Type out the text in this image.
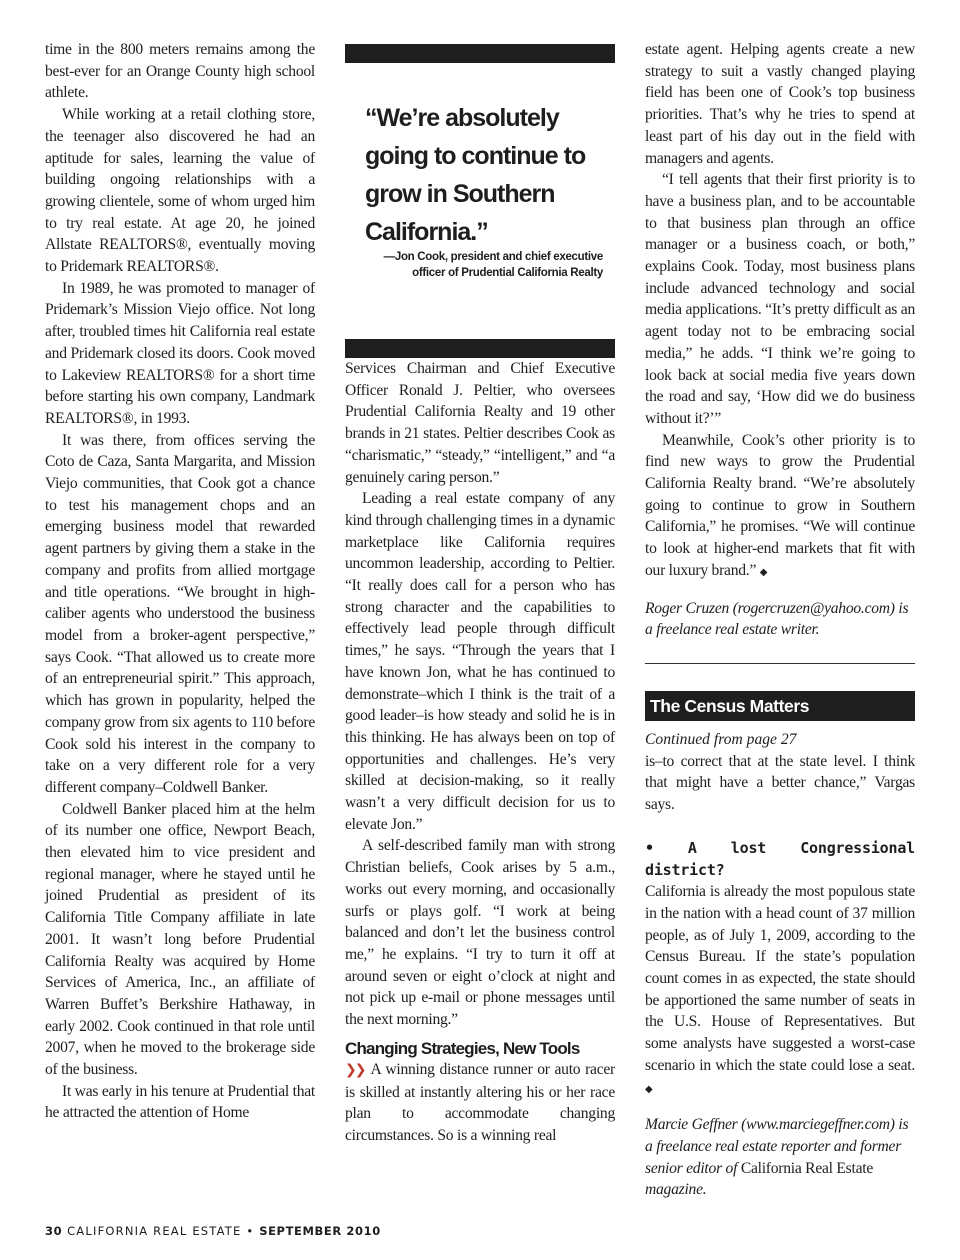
time in the 800 meters remains among the best-ever for an Orange County high school athlete.

While working at a retail clothing store, the teenager also discovered he had an aptitude for sales, learning the value of building ongoing relationships with a growing clientele, some of whom urged him to try real estate. At age 20, he joined Allstate REALTORS®, eventually moving to Pridemark REALTORS®.

In 1989, he was promoted to manager of Pridemark’s Mission Viejo office. Not long after, troubled times hit California real estate and Pridemark closed its doors. Cook moved to Lakeview REALTORS® for a short time before starting his own company, Landmark REALTORS®, in 1993.

It was there, from offices serving the Coto de Caza, Santa Margarita, and Mission Viejo communities, that Cook got a chance to test his management chops and an emerging business model that rewarded agent partners by giving them a stake in the company and profits from allied mortgage and title operations. “We brought in high-caliber agents who understood the business model from a broker-agent perspective,” says Cook. “That allowed us to create more of an entrepreneurial spirit.” This approach, which has grown in popularity, helped the company grow from six agents to 110 before Cook sold his interest in the company to take on a very different role for a very different company–Coldwell Banker.

Coldwell Banker placed him at the helm of its number one office, Newport Beach, then elevated him to vice president and regional manager, where he stayed until he joined Prudential as president of its California Title Company affiliate in late 2001. It wasn’t long before Prudential California Realty was acquired by Home Services of America, Inc., an affiliate of Warren Buffet’s Berkshire Hathaway, in early 2002. Cook continued in that role until 2007, when he moved to the brokerage side of the business.

It was early in his tenure at Prudential that he attracted the attention of Home

“We’re absolutely going to continue to grow in Southern California.”
—Jon Cook, president and chief executive
officer of Prudential California Realty

Services Chairman and Chief Executive Officer Ronald J. Peltier, who oversees Prudential California Realty and 19 other brands in 21 states. Peltier describes Cook as “charismatic,” “steady,” “intelligent,” and “a genuinely caring person.”

Leading a real estate company of any kind through challenging times in a dynamic marketplace like California requires uncommon leadership, according to Peltier. “It really does call for a person who has strong character and the capabilities to effectively lead people through difficult times,” he says. “Through the years that I have known Jon, what he has continued to demonstrate–which I think is the trait of a good leader–is how steady and solid he is in this thinking. He has always been on top of opportunities and challenges. He’s very skilled at decision-making, so it really wasn’t a very difficult decision for us to elevate Jon.”

A self-described family man with strong Christian beliefs, Cook arises by 5 a.m., works out every morning, and occasionally surfs or plays golf. “I work at being balanced and don’t let the business control me,” he explains. “I try to turn it off at around seven or eight o’clock at night and not pick up e-mail or phone messages until the next morning.”

Changing Strategies, New Tools

❯❯ A winning distance runner or auto racer is skilled at instantly altering his or her race plan to accommodate changing circumstances. So is a winning real

estate agent. Helping agents create a new strategy to suit a vastly changed playing field has been one of Cook’s top business priorities. That’s why he tries to spend at least part of his day out in the field with managers and agents.

“I tell agents that their first priority is to have a business plan, and to be accountable to that business plan through an office manager or a business coach, or both,” explains Cook. Today, most business plans include advanced technology and social media applications. “It’s pretty difficult as an agent today not to be embracing social media,” he adds. “I think we’re going to look back at social media five years down the road and say, ‘How did we do business without it?’”

Meanwhile, Cook’s other priority is to find new ways to grow the Prudential California Realty brand. “We’re absolutely going to continue to grow in Southern California,” he promises. “We will continue to look at higher-end markets that fit with our luxury brand.” ◆

Roger Cruzen (rogercruzen@yahoo.com) is a freelance real estate writer.
The Census Matters
Continued from page 27

is–to correct that at the state level. I think that might have a better chance,” Vargas says.

• A lost Congressional district?
California is already the most populous state in the nation with a head count of 37 million people, as of July 1, 2009, according to the Census Bureau. If the state’s population count comes in as expected, the state should be apportioned the same number of seats in the U.S. House of Representatives. But some analysts have suggested a worst-case scenario in which the state could lose a seat. ◆

Marcie Geffner (www.marciegeffner.com) is a freelance real estate reporter and former senior editor of California Real Estate magazine.
30 CALIFORNIA REAL ESTATE • SEPTEMBER 2010
